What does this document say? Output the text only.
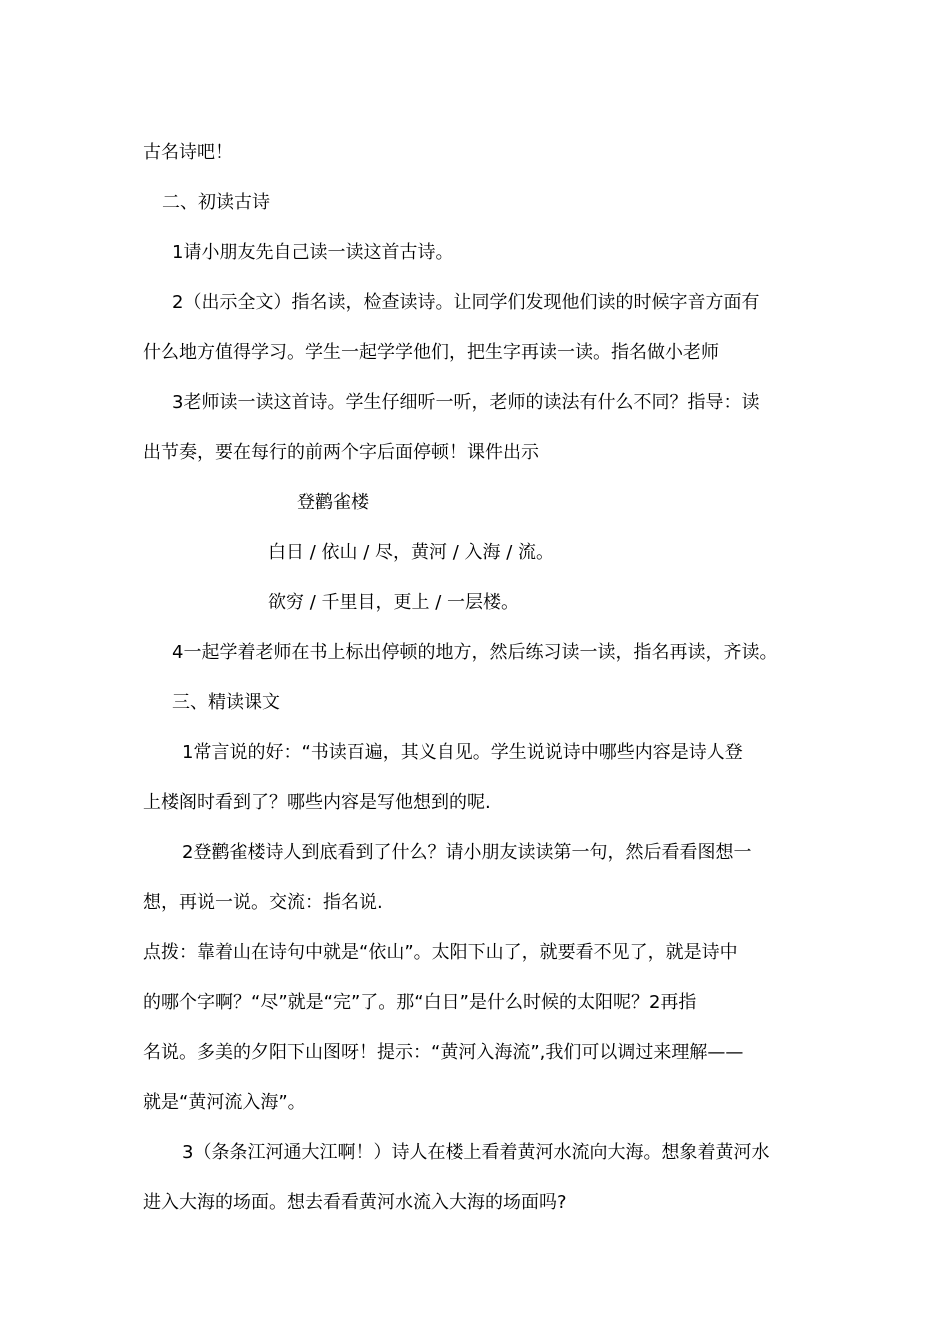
古名诗吧！
二、初读古诗
1请小朋友先自己读一读这首古诗。
2（出示全文）指名读，检查读诗。让同学们发现他们读的时候字音方面有
什么地方值得学习。学生一起学学他们，把生字再读一读。指名做小老师
3老师读一读这首诗。学生仔细听一听，老师的读法有什么不同？指导：读
出节奏，要在每行的前两个字后面停顿！课件出示
登鹳雀楼
白日 / 依山 / 尽，黄河 / 入海 / 流。
欲穷 / 千里目，更上 / 一层楼。
4一起学着老师在书上标出停顿的地方，然后练习读一读，指名再读，齐读。
三、精读课文
1常言说的好：“书读百遍，其义自见。学生说说诗中哪些内容是诗人登
上楼阁时看到了？哪些内容是写他想到的呢.
2登鹳雀楼诗人到底看到了什么？请小朋友读读第一句，然后看看图想一
想，再说一说。交流：指名说.
点拨：靠着山在诗句中就是“依山”。太阳下山了，就要看不见了，就是诗中
的哪个字啊？“尽”就是“完”了。那“白日”是什么时候的太阳呢？2再指
名说。多美的夕阳下山图呀！提示：“黄河入海流”,我们可以调过来理解——
就是“黄河流入海”。
3（条条江河通大江啊！）诗人在楼上看着黄河水流向大海。想象着黄河水
进入大海的场面。想去看看黄河水流入大海的场面吗?
